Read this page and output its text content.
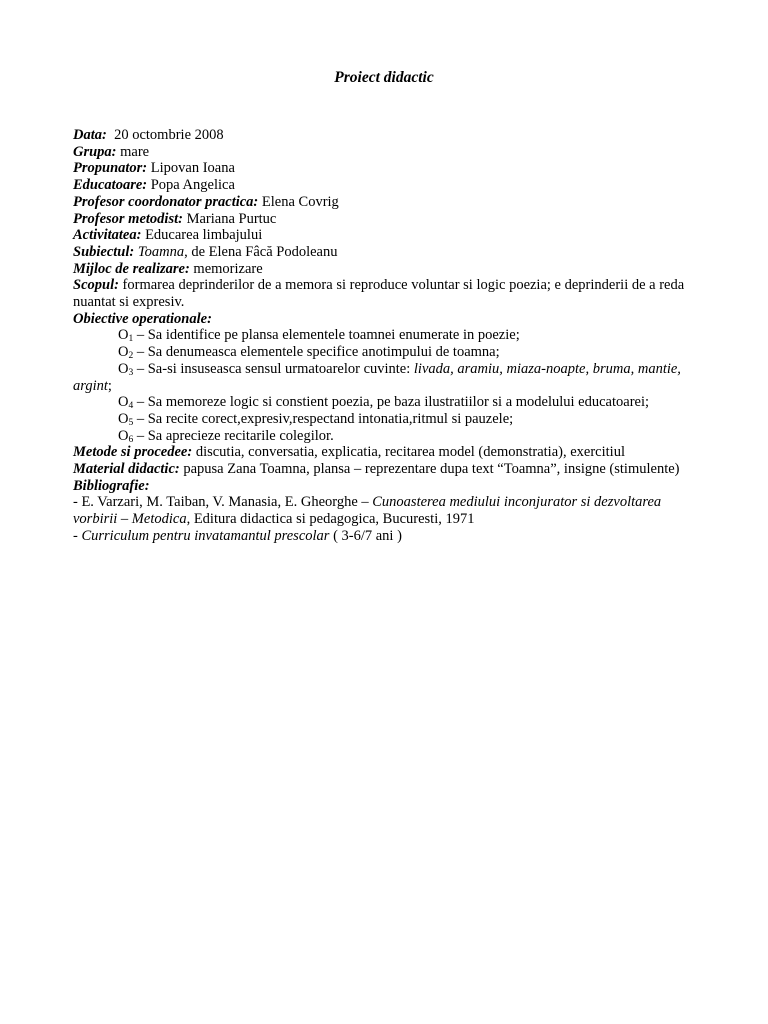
Proiect didactic
Data: 20 octombrie 2008
Grupa: mare
Propunator: Lipovan Ioana
Educatoare: Popa Angelica
Profesor coordonator practica: Elena Covrig
Profesor metodist: Mariana Purtuc
Activitatea: Educarea limbajului
Subiectul: Toamna, de Elena Fâcă Podoleanu
Mijloc de realizare: memorizare
Scopul: formarea deprinderilor de a memora si reproduce voluntar si logic poezia; e deprinderii de a reda nuantat si expresiv.
Obiective operationale:
$O_1$ – Sa identifice pe plansa elementele toamnei enumerate in poezie;
$O_2$ – Sa denumeasca elementele specifice anotimpului de toamna;
$O_3 - Sa-si$ insuseasca sensul urmatoarelor cuvinte: livada, aramiu, miaza-noapte, bruma, mantie, argint;
$O_4$ – Sa memoreze logic si constient poezia, pe baza ilustratiilor si a modelului educatoarei;
$O_5$ – Sa recite corect,expresiv,respectand intonatia,ritmul si pauzele;
$O_6$ – Sa aprecieze recitarile colegilor.
Metode si procedee: discutia, conversatia, explicatia, recitarea model (demonstratia), exercitiul
Material didactic: papusa Zana Toamna, plansa – reprezentare dupa text “Toamna”, insigne (stimulente)
Bibliografie:
- E. Varzari, M. Taiban, V. Manasia, E. Gheorghe – Cunoasterea mediului inconjurator si dezvoltarea vorbirii – Metodica, Editura didactica si pedagogica, Bucuresti, 1971
- Curriculum pentru invatamantul prescolar ( 3-6/7 ani )
